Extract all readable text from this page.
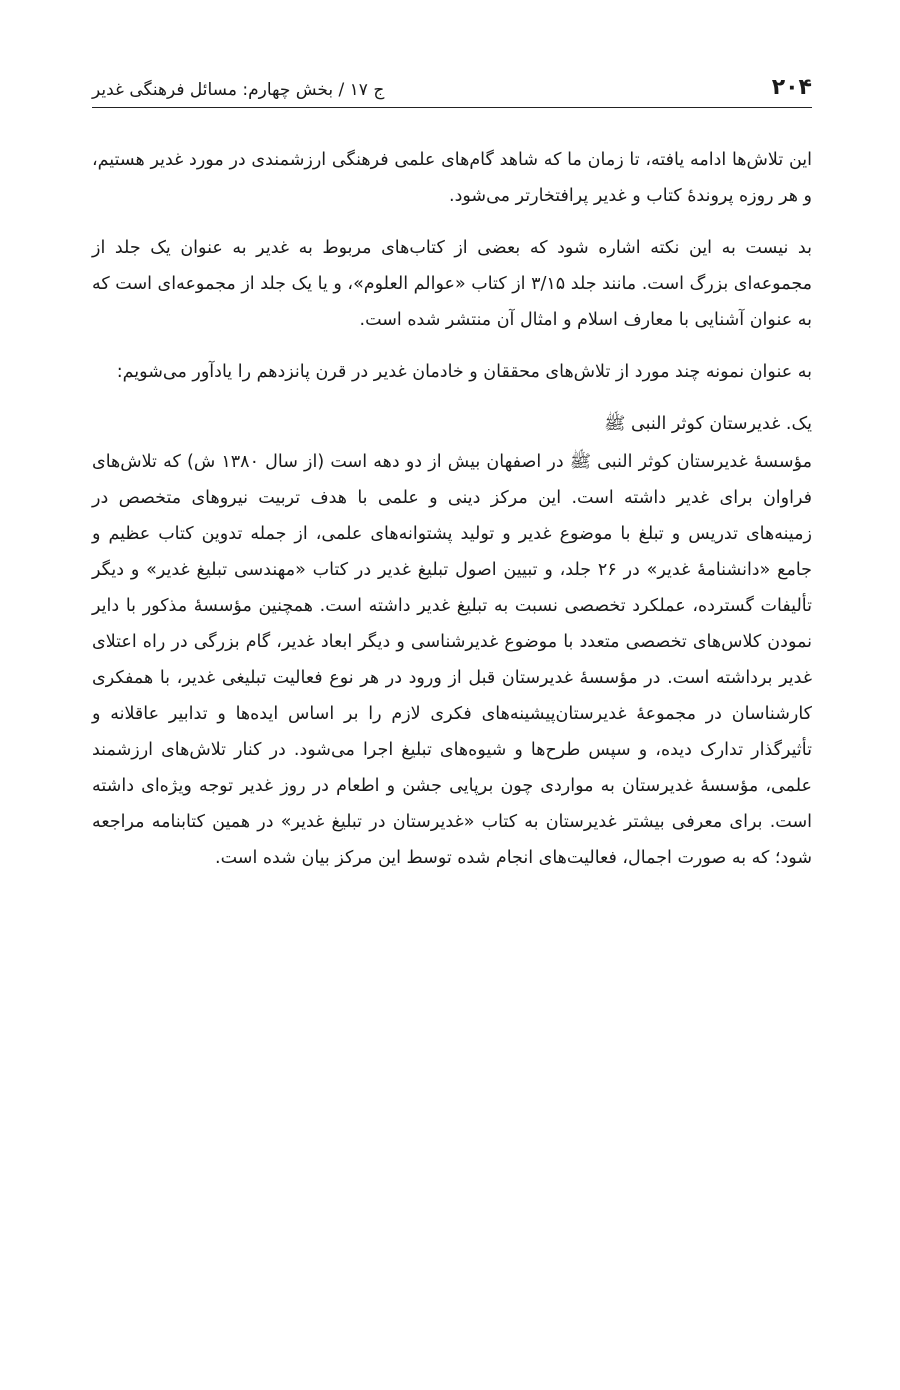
۲۰۴
ج ۱۷ / بخش چهارم: مسائل فرهنگی غدیر

این تلاش‌ها ادامه یافته، تا زمان ما که شاهد گام‌های علمی فرهنگی ارزشمندی در مورد غدیر هستیم، و هر روزه پروندۀ کتاب و غدیر پرافتخارتر می‌شود.

بد نیست به این نکته اشاره شود که بعضی از کتاب‌های مربوط به غدیر به عنوان یک جلد از مجموعه‌ای بزرگ است. مانند جلد ۳/۱۵ از کتاب «عوالم العلوم»، و یا یک جلد از مجموعه‌ای است که به عنوان آشنایی با معارف اسلام و امثال آن منتشر شده است.

به عنوان نمونه چند مورد از تلاش‌های محققان و خادمان غدیر در قرن پانزدهم را یادآور می‌شویم:

یک. غدیرستان کوثر النبی ﷺ

مؤسسۀ غدیرستان کوثر النبی ﷺ در اصفهان بیش از دو دهه است (از سال ۱۳۸۰ ش) که تلاش‌های فراوان برای غدیر داشته است. این مرکز دینی و علمی با هدف تربیت نیروهای متخصص در زمینه‌های تدریس و تبلغ با موضوع غدیر و تولید پشتوانه‌های علمی، از جمله تدوین کتاب عظیم و جامع «دانشنامۀ غدیر» در ۲۶ جلد، و تبیین اصول تبلیغ غدیر در کتاب «مهندسی تبلیغ غدیر» و دیگر تألیفات گسترده، عملکرد تخصصی نسبت به تبلیغ غدیر داشته است. همچنین مؤسسۀ مذکور با دایر نمودن کلاس‌های تخصصی متعدد با موضوع غدیرشناسی و دیگر ابعاد غدیر، گام بزرگی در راه اعتلای غدیر برداشته است. در مؤسسۀ غدیرستان قبل از ورود در هر نوع فعالیت تبلیغی غدیر، با همفکری کارشناسان در مجموعۀ غدیرستان‌پیشینه‌های فکری لازم را بر اساس ایده‌ها و تدابیر عاقلانه و تأثیرگذار تدارک دیده، و سپس طرح‌ها و شیوه‌های تبلیغ اجرا می‌شود. در کنار تلاش‌های ارزشمند علمی، مؤسسۀ غدیرستان به مواردی چون برپایی جشن و اطعام در روز غدیر توجه ویژه‌ای داشته است. برای معرفی بیشتر غدیرستان به کتاب «غدیرستان در تبلیغ غدیر» در همین کتابنامه مراجعه شود؛ که به صورت اجمال، فعالیت‌های انجام شده توسط این مرکز بیان شده است.
